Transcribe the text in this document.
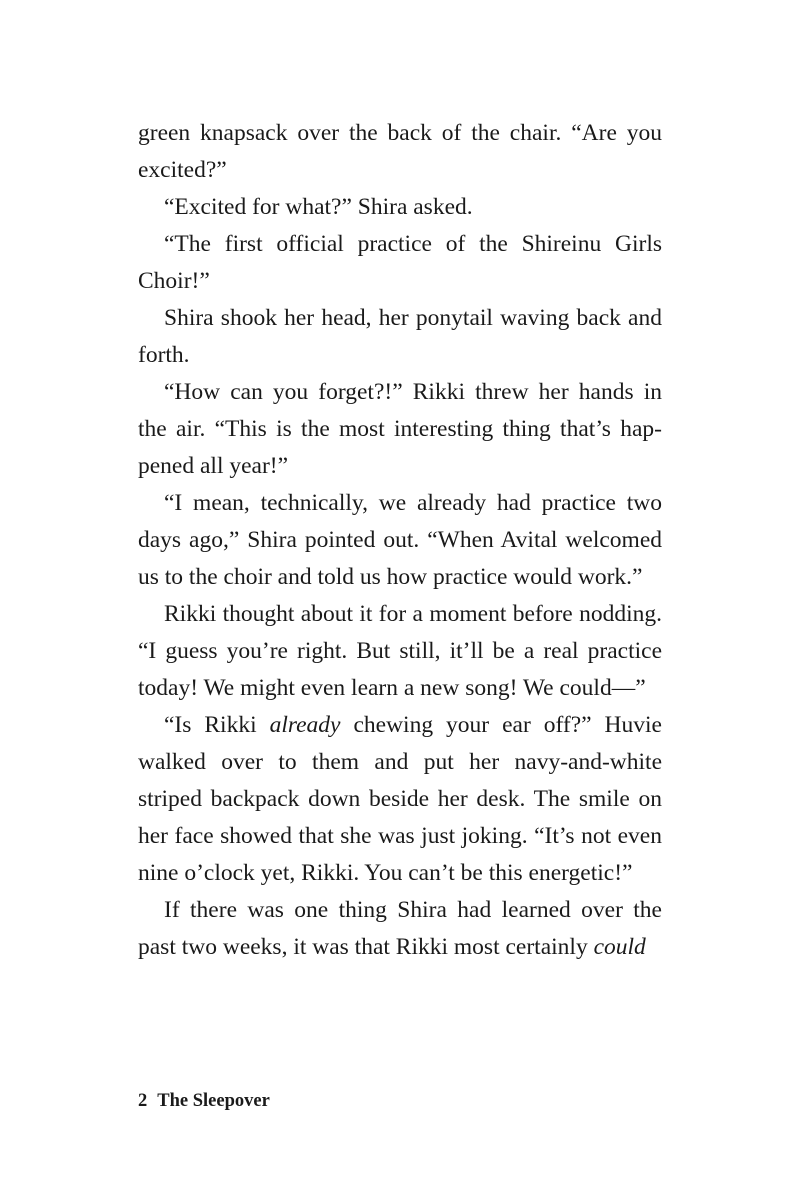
green knapsack over the back of the chair. “Are you excited?”

“Excited for what?” Shira asked.

“The first official practice of the Shireinu Girls Choir!”

Shira shook her head, her ponytail waving back and forth.

“How can you forget?!” Rikki threw her hands in the air. “This is the most interesting thing that’s happened all year!”

“I mean, technically, we already had practice two days ago,” Shira pointed out. “When Avital welcomed us to the choir and told us how practice would work.”

Rikki thought about it for a moment before nodding. “I guess you’re right. But still, it’ll be a real practice today! We might even learn a new song! We could—”

“Is Rikki already chewing your ear off?” Huvie walked over to them and put her navy-and-white striped backpack down beside her desk. The smile on her face showed that she was just joking. “It’s not even nine o’clock yet, Rikki. You can’t be this energetic!”

If there was one thing Shira had learned over the past two weeks, it was that Rikki most certainly could

2 The Sleepover
